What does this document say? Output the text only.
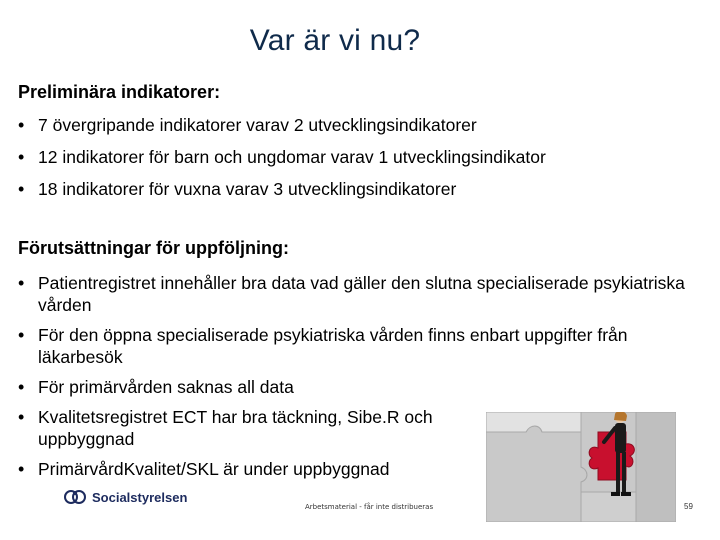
Var är vi nu?
Preliminära indikatorer:
• 7 övergripande indikatorer varav 2 utvecklingsindikatorer
• 12 indikatorer för barn och ungdomar varav 1 utvecklingsindikator
• 18 indikatorer för vuxna varav 3 utvecklingsindikatorer
Förutsättningar för uppföljning:
• Patientregistret innehåller bra data vad gäller den slutna specialiserade psykiatriska vården
• För den öppna specialiserade psykiatriska vården finns enbart uppgifter från läkarbesök
• För primärvården saknas all data
• Kvalitetsregistret ECT har bra täckning, Sibe.R och uppbyggnad
• PrimärvårdKvalitet/SKL är under uppbyggnad
Socialstyrelsen
Arbetsmaterial - får inte distribueras	59
